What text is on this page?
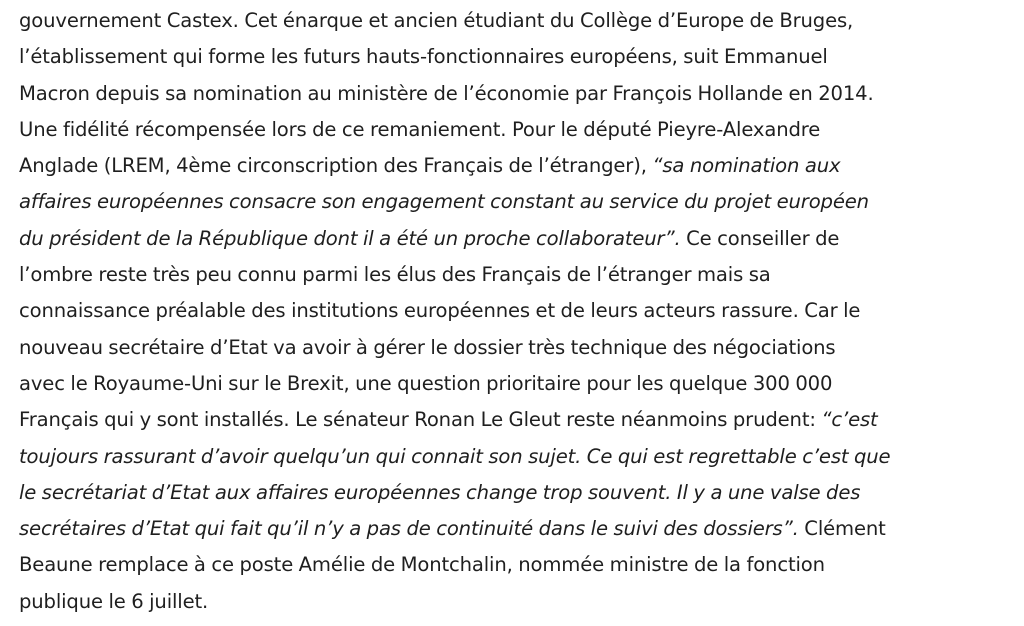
gouvernement Castex. Cet énarque et ancien étudiant du Collège d’Europe de Bruges,
l’établissement qui forme les futurs hauts-fonctionnaires européens, suit Emmanuel
Macron depuis sa nomination au ministère de l’économie par François Hollande en 2014.
Une fidélité récompensée lors de ce remaniement. Pour le député Pieyre-Alexandre
Anglade (LREM, 4ème circonscription des Français de l’étranger), “sa nomination aux
affaires européennes consacre son engagement constant au service du projet européen
du président de la République dont il a été un proche collaborateur”. Ce conseiller de
l’ombre reste très peu connu parmi les élus des Français de l’étranger mais sa
connaissance préalable des institutions européennes et de leurs acteurs rassure. Car le
nouveau secrétaire d’Etat va avoir à gérer le dossier très technique des négociations
avec le Royaume-Uni sur le Brexit, une question prioritaire pour les quelque 300 000
Français qui y sont installés. Le sénateur Ronan Le Gleut reste néanmoins prudent: “c’est
toujours rassurant d’avoir quelqu’un qui connait son sujet. Ce qui est regrettable c’est que
le secrétariat d’Etat aux affaires européennes change trop souvent. Il y a une valse des
secrétaires d’Etat qui fait qu’il n’y a pas de continuité dans le suivi des dossiers”. Clément
Beaune remplace à ce poste Amélie de Montchalin, nommée ministre de la fonction
publique le 6 juillet.
